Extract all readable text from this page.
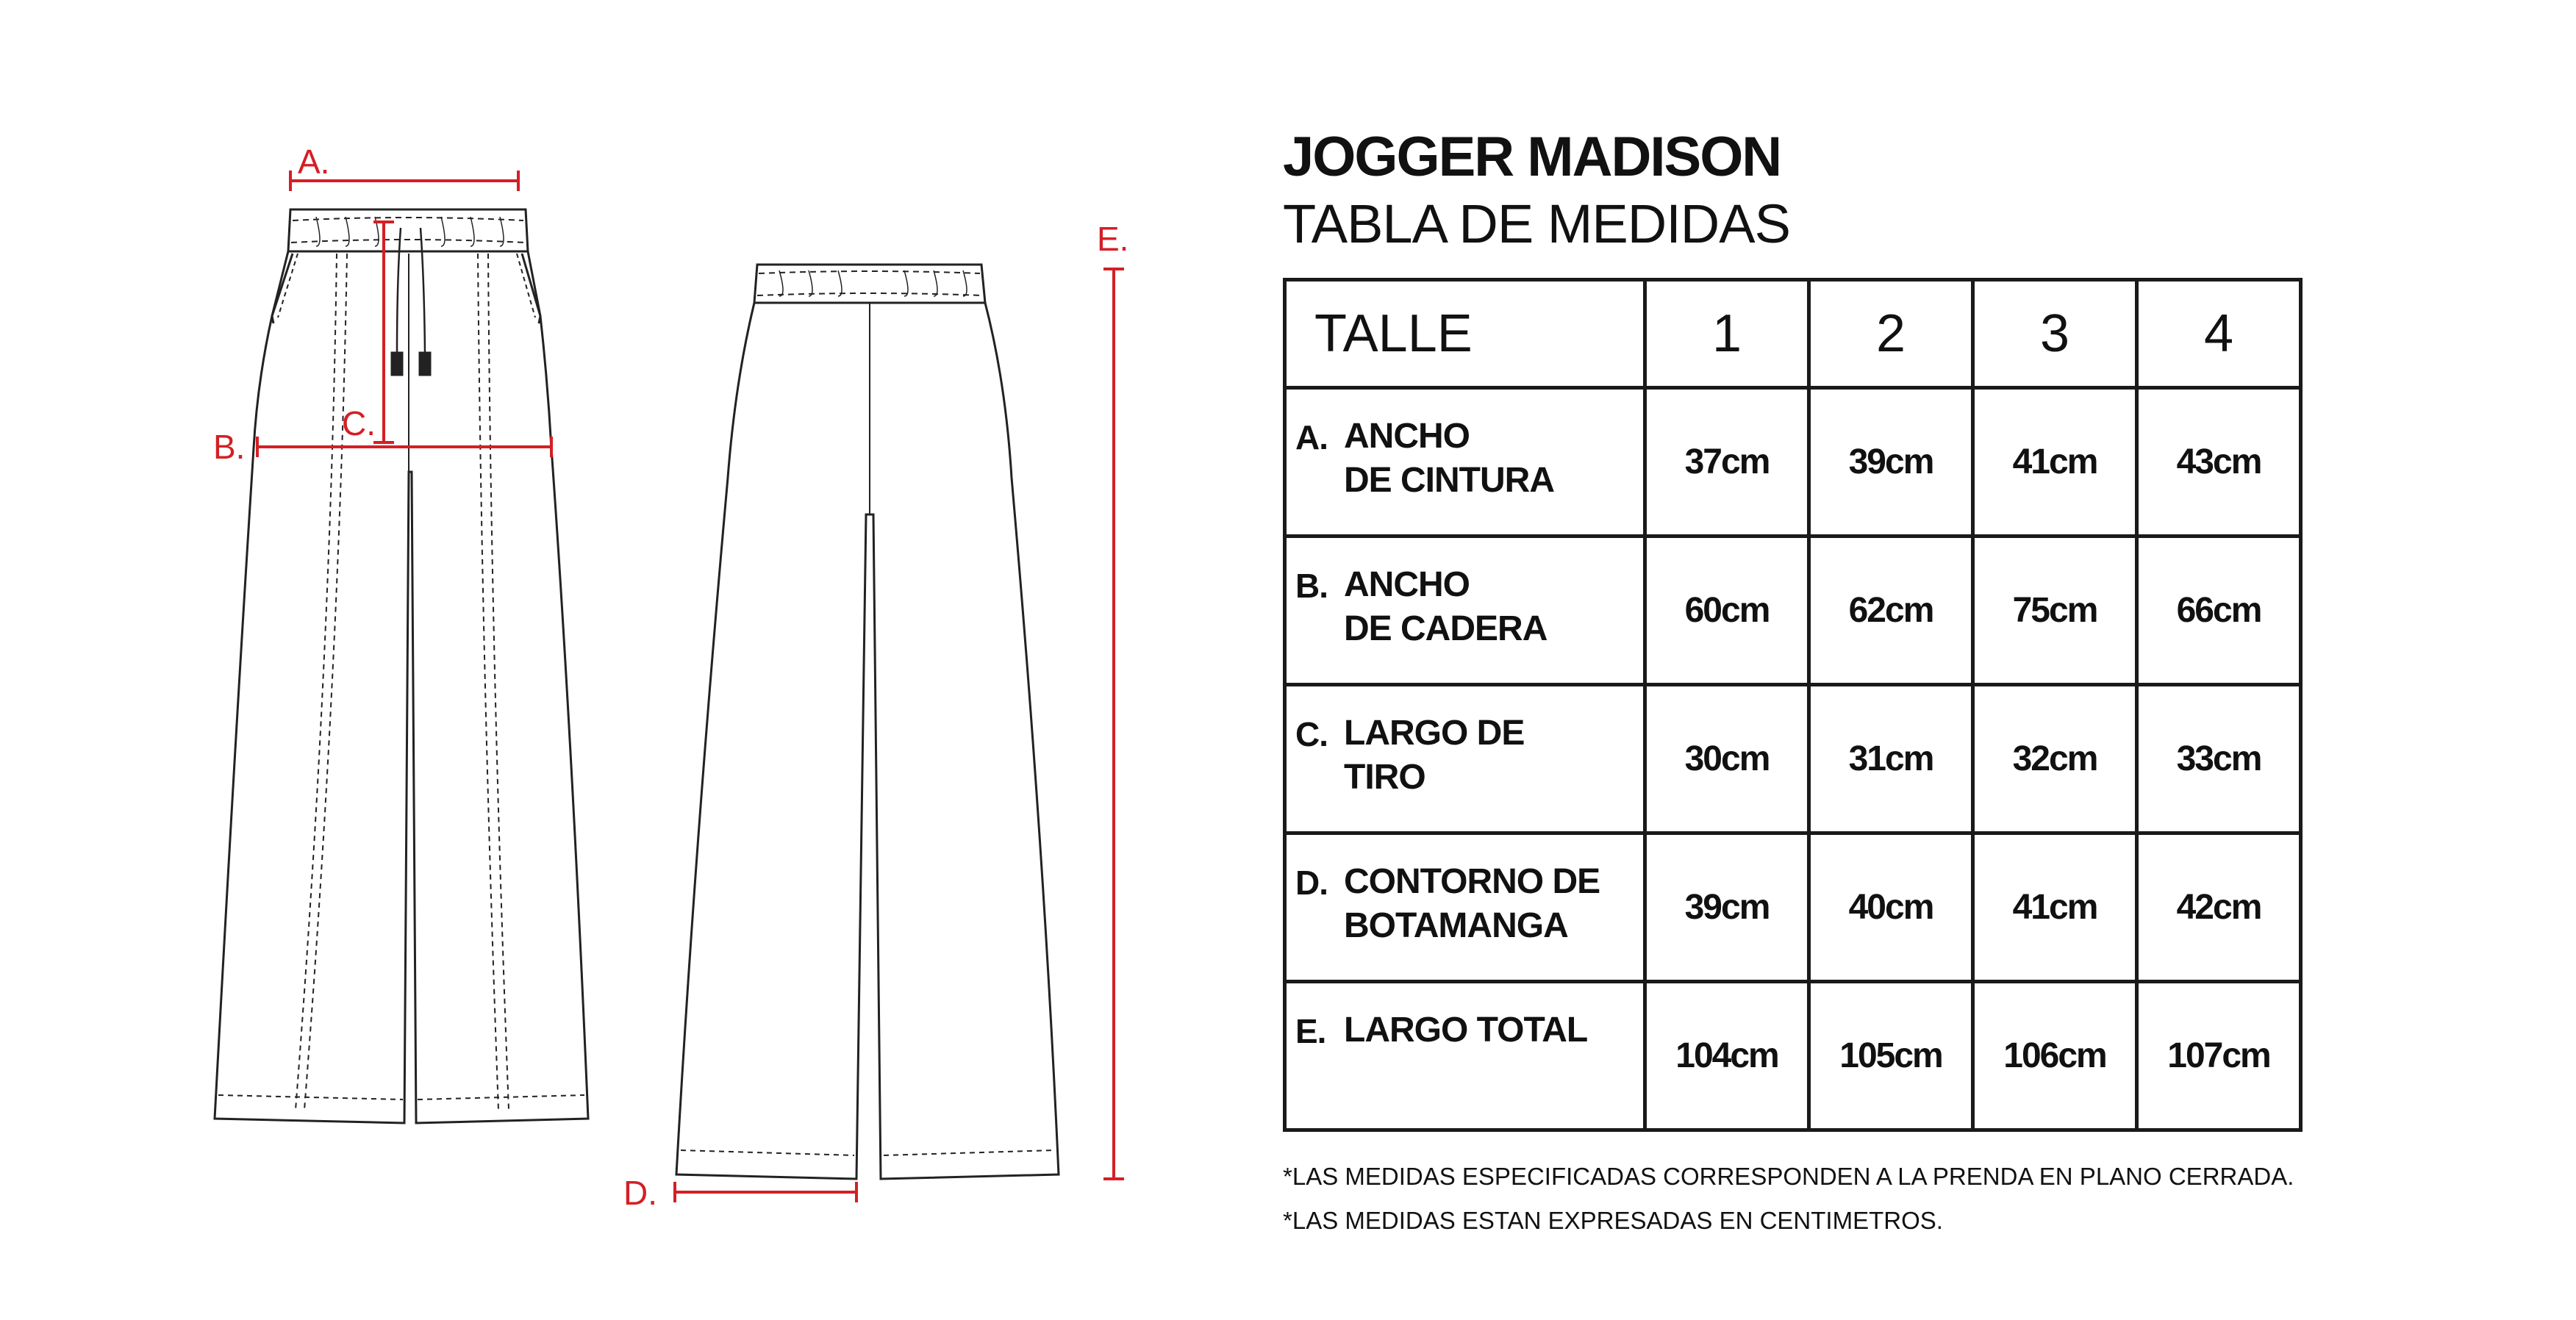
A.
B.
C.
D.
E.
JOGGER MADISON
TABLA DE MEDIDAS
TALLE	1	2	3	4

A. ANCHO
DE CINTURA	37cm	39cm	41cm	43cm

B. ANCHO
DE CADERA	60cm	62cm	75cm	66cm

C. LARGO DE
TIRO	30cm	31cm	32cm	33cm

D. CONTORNO DE
BOTAMANGA	39cm	40cm	41cm	42cm

E. LARGO TOTAL	104cm	105cm	106cm	107cm
*LAS MEDIDAS ESPECIFICADAS CORRESPONDEN A LA PRENDA EN PLANO CERRADA.
*LAS MEDIDAS ESTAN EXPRESADAS EN CENTIMETROS.
